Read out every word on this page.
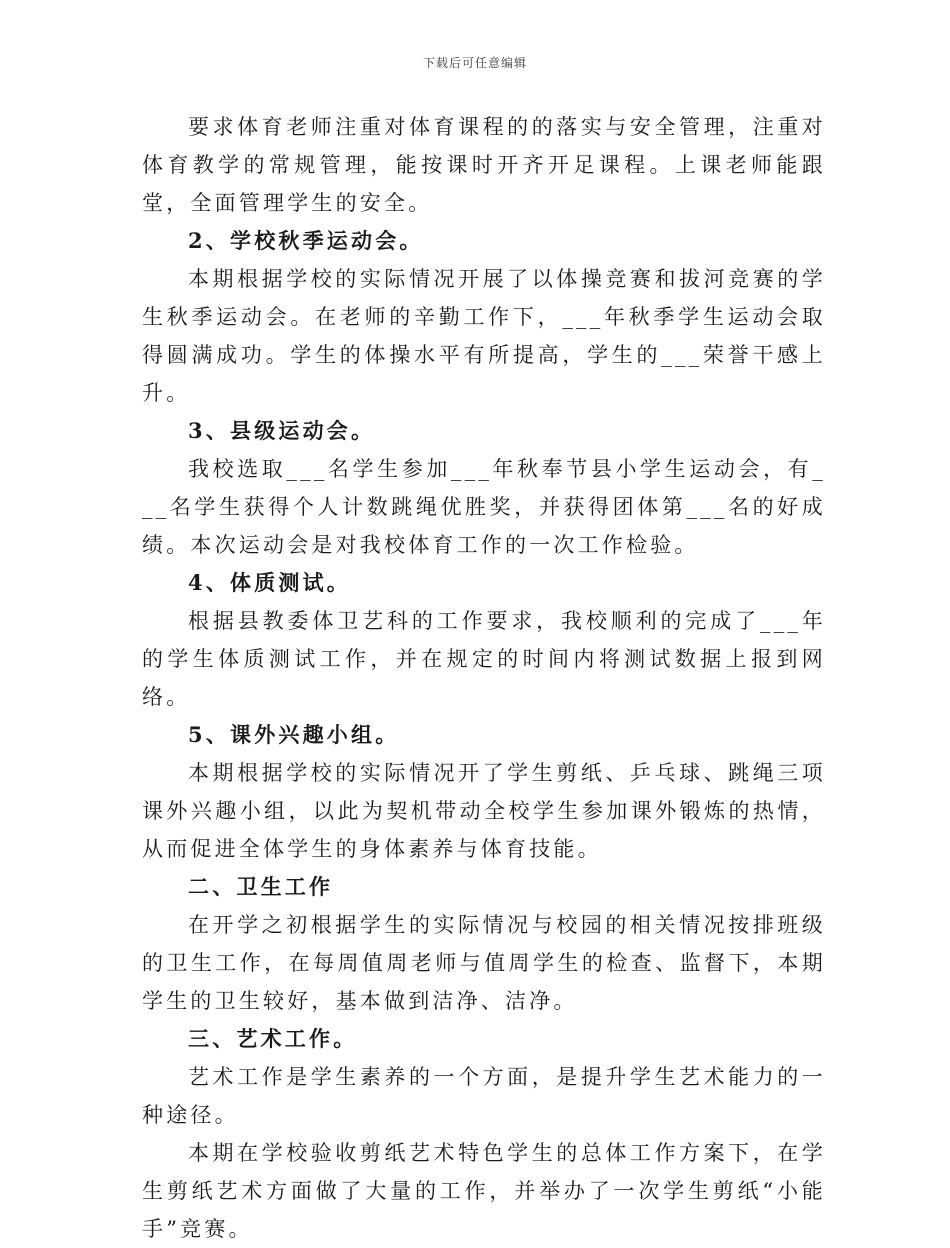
下载后可任意编辑

要求体育老师注重对体育课程的的落实与安全管理，注重对体育教学的常规管理，能按课时开齐开足课程。上课老师能跟堂，全面管理学生的安全。

2、学校秋季运动会。

本期根据学校的实际情况开展了以体操竞赛和拔河竞赛的学生秋季运动会。在老师的辛勤工作下，___年秋季学生运动会取得圆满成功。学生的体操水平有所提高，学生的___荣誉干感上升。

3、县级运动会。

我校选取___名学生参加___年秋奉节县小学生运动会，有___名学生获得个人计数跳绳优胜奖，并获得团体第___名的好成绩。本次运动会是对我校体育工作的一次工作检验。

4、体质测试。

根据县教委体卫艺科的工作要求，我校顺利的完成了___年的学生体质测试工作，并在规定的时间内将测试数据上报到网络。

5、课外兴趣小组。

本期根据学校的实际情况开了学生剪纸、乒乓球、跳绳三项课外兴趣小组，以此为契机带动全校学生参加课外锻炼的热情，从而促进全体学生的身体素养与体育技能。

二、卫生工作

在开学之初根据学生的实际情况与校园的相关情况按排班级的卫生工作，在每周值周老师与值周学生的检查、监督下，本期学生的卫生较好，基本做到洁净、洁净。

三、艺术工作。

艺术工作是学生素养的一个方面，是提升学生艺术能力的一种途径。

本期在学校验收剪纸艺术特色学生的总体工作方案下，在学生剪纸艺术方面做了大量的工作，并举办了一次学生剪纸“小能手”竞赛。
